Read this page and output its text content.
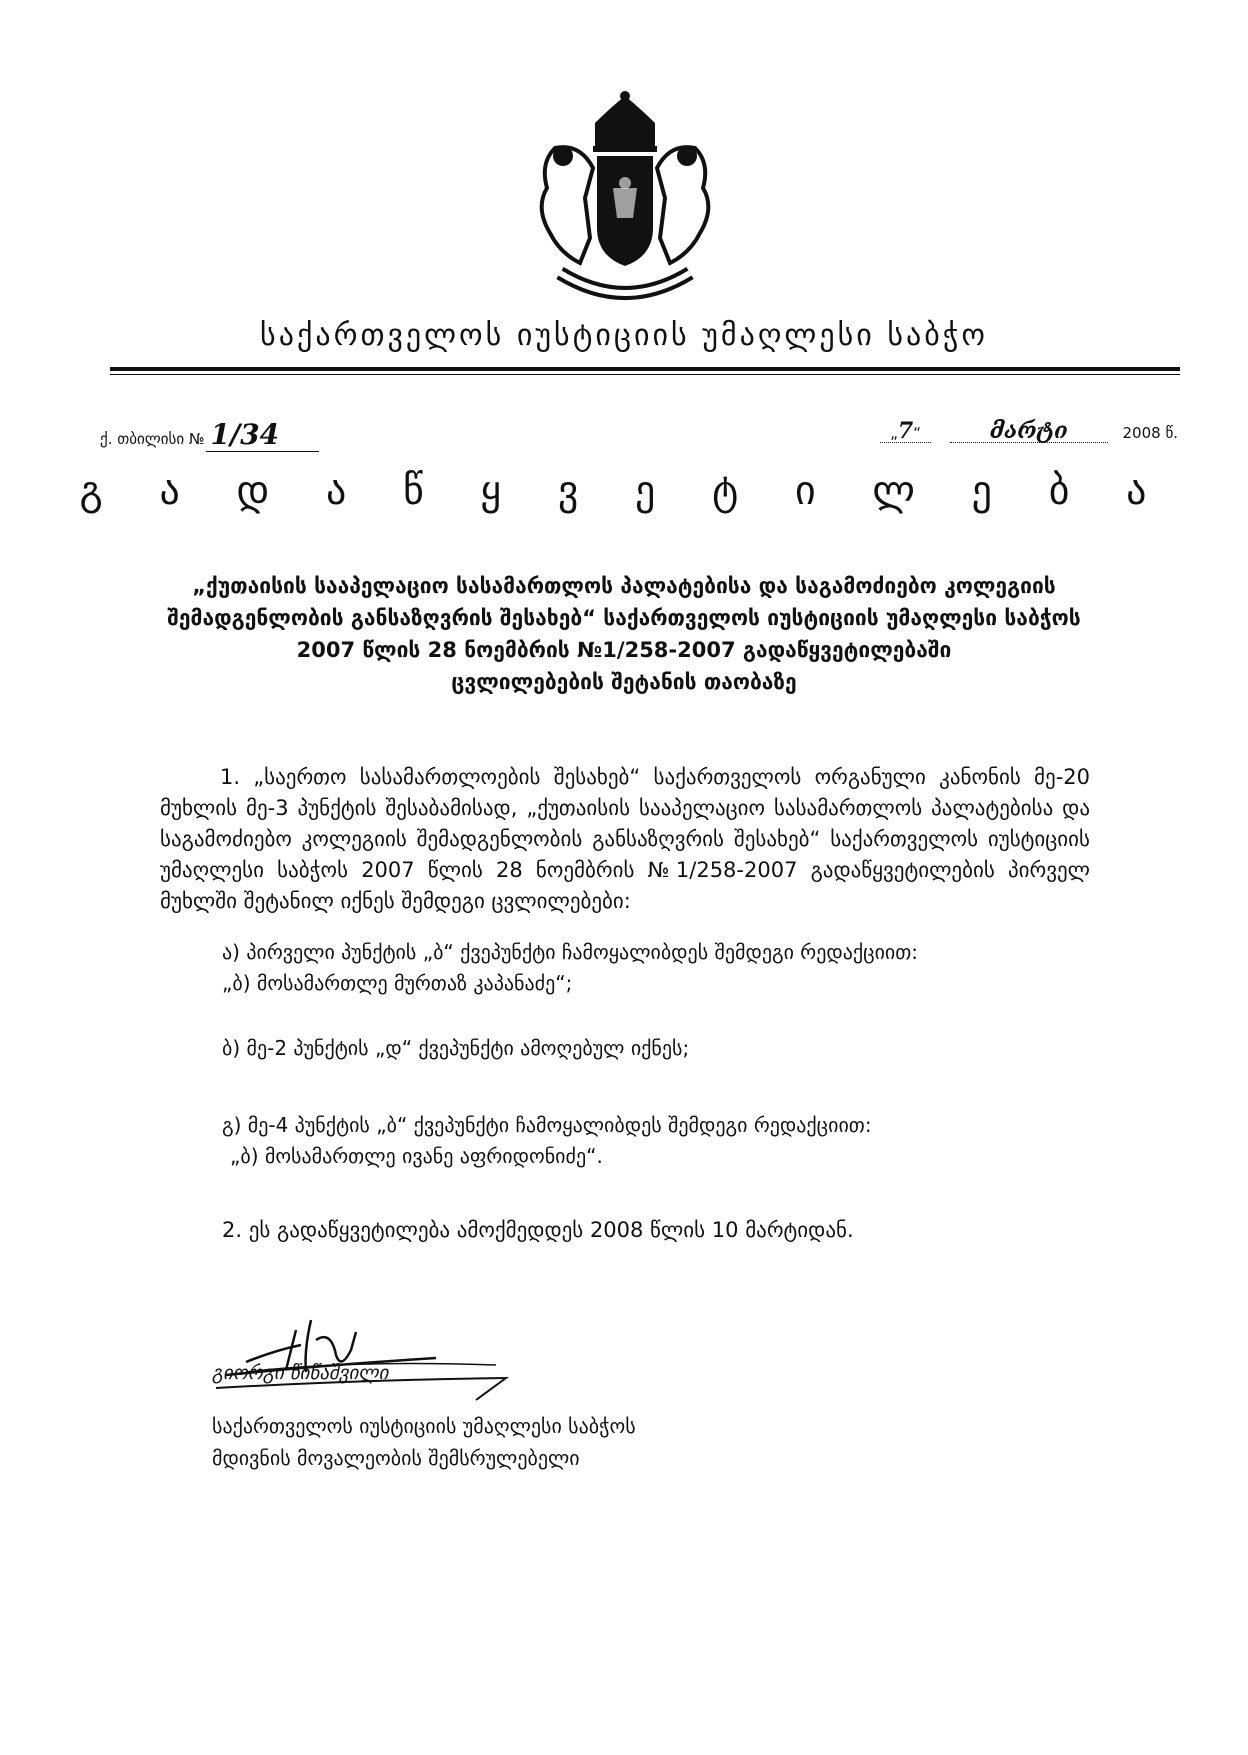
საქართველოს იუსტიციის უმაღლესი საბჭო
ქ. თბილისი № 1/34	„7“	მარტი	2008 წ.
გ ა დ ა წ ყ ვ ე ტ ი ლ ე ბ ა
„ქუთაისის სააპელაციო სასამართლოს პალატებისა და საგამოძიებო კოლეგიის
შემადგენლობის განსაზღვრის შესახებ“ საქართველოს იუსტიციის უმაღლესი საბჭოს
2007 წლის 28 ნოემბრის №1/258-2007 გადაწყვეტილებაში
ცვლილებების შეტანის თაობაზე
1. „საერთო სასამართლოების შესახებ“ საქართველოს ორგანული კანონის მე-20 მუხლის მე-3 პუნქტის შესაბამისად, „ქუთაისის სააპელაციო სასამართლოს პალატებისა და საგამოძიებო კოლეგიის შემადგენლობის განსაზღვრის შესახებ“ საქართველოს იუსტიციის უმაღლესი საბჭოს 2007 წლის 28 ნოემბრის №1/258-2007 გადაწყვეტილების პირველ მუხლში შეტანილ იქნეს შემდეგი ცვლილებები:
ა) პირველი პუნქტის „ბ“ ქვეპუნქტი ჩამოყალიბდეს შემდეგი რედაქციით:
„ბ) მოსამართლე მურთაზ კაპანაძე“;
ბ) მე-2 პუნქტის „დ“ ქვეპუნქტი ამოღებულ იქნეს;
გ) მე-4 პუნქტის „ბ“ ქვეპუნქტი ჩამოყალიბდეს შემდეგი რედაქციით:
„ბ) მოსამართლე ივანე აფრიდონიძე“.
2. ეს გადაწყვეტილება ამოქმედდეს 2008 წლის 10 მარტიდან.
გიორგი წიწაშვილი
საქართველოს იუსტიციის უმაღლესი საბჭოს
მდივნის მოვალეობის შემსრულებელი
